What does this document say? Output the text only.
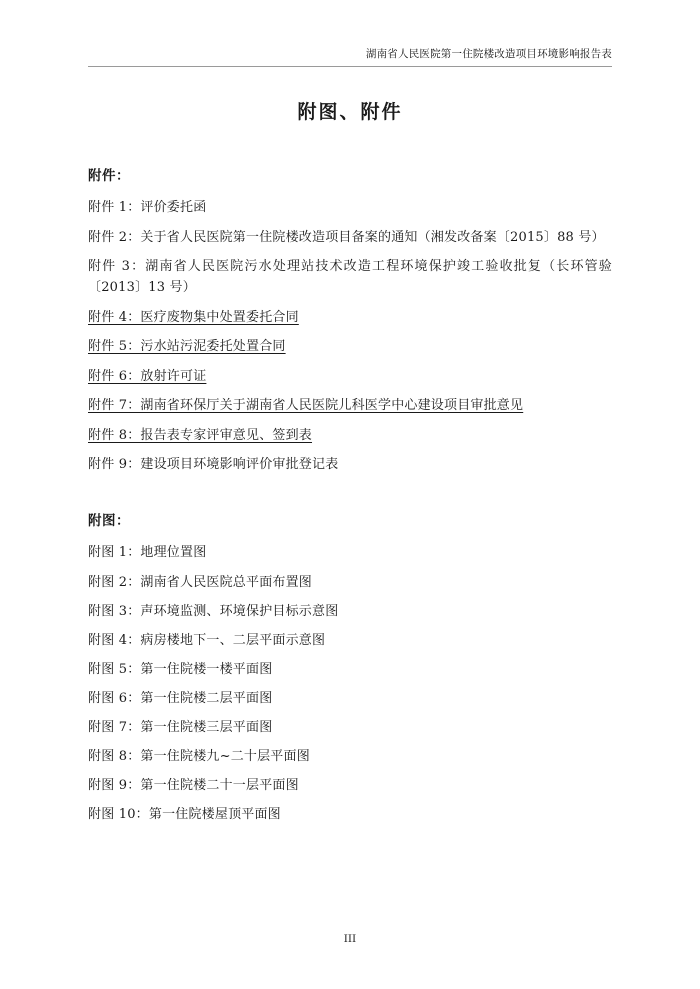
湖南省人民医院第一住院楼改造项目环境影响报告表
附图、附件
附件：
附件 1：评价委托函
附件 2：关于省人民医院第一住院楼改造项目备案的通知（湘发改备案〔2015〕88 号）
附件 3：湖南省人民医院污水处理站技术改造工程环境保护竣工验收批复（长环管验〔2013〕13 号）
附件 4：医疗废物集中处置委托合同
附件 5：污水站污泥委托处置合同
附件 6：放射许可证
附件 7：湖南省环保厅关于湖南省人民医院儿科医学中心建设项目审批意见
附件 8：报告表专家评审意见、签到表
附件 9：建设项目环境影响评价审批登记表
附图：
附图 1：地理位置图
附图 2：湖南省人民医院总平面布置图
附图 3：声环境监测、环境保护目标示意图
附图 4：病房楼地下一、二层平面示意图
附图 5：第一住院楼一楼平面图
附图 6：第一住院楼二层平面图
附图 7：第一住院楼三层平面图
附图 8：第一住院楼九~二十层平面图
附图 9：第一住院楼二十一层平面图
附图 10：第一住院楼屋顶平面图
III
